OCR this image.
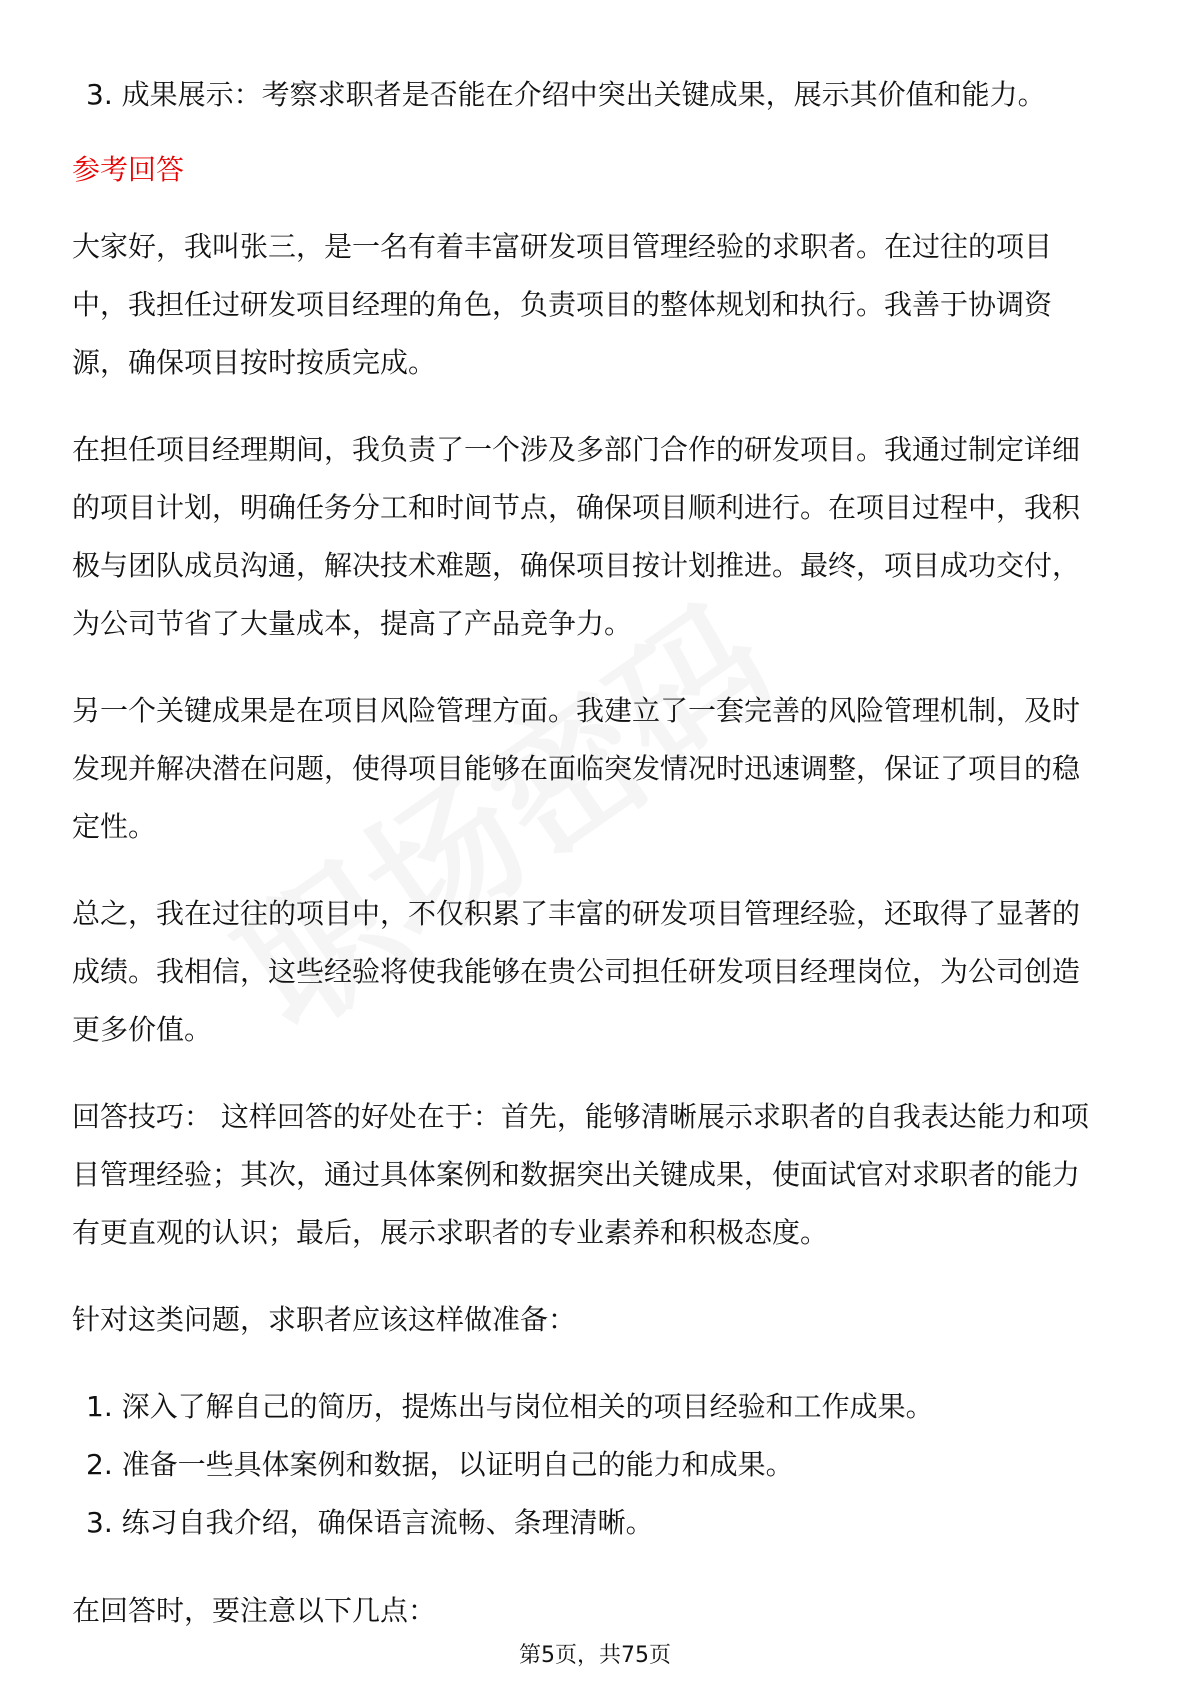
3. 成果展示：考察求职者是否能在介绍中突出关键成果，展示其价值和能力。
参考回答
大家好，我叫张三，是一名有着丰富研发项目管理经验的求职者。在过往的项目
中，我担任过研发项目经理的角色，负责项目的整体规划和执行。我善于协调资
源，确保项目按时按质完成。
在担任项目经理期间，我负责了一个涉及多部门合作的研发项目。我通过制定详细
的项目计划，明确任务分工和时间节点，确保项目顺利进行。在项目过程中，我积
极与团队成员沟通，解决技术难题，确保项目按计划推进。最终，项目成功交付，
为公司节省了大量成本，提高了产品竞争力。
另一个关键成果是在项目风险管理方面。我建立了一套完善的风险管理机制，及时
发现并解决潜在问题，使得项目能够在面临突发情况时迅速调整，保证了项目的稳
定性。
总之，我在过往的项目中，不仅积累了丰富的研发项目管理经验，还取得了显著的
成绩。我相信，这些经验将使我能够在贵公司担任研发项目经理岗位，为公司创造
更多价值。
回答技巧： 这样回答的好处在于：首先，能够清晰展示求职者的自我表达能力和项
目管理经验；其次，通过具体案例和数据突出关键成果，使面试官对求职者的能力
有更直观的认识；最后，展示求职者的专业素养和积极态度。
针对这类问题，求职者应该这样做准备：
1. 深入了解自己的简历，提炼出与岗位相关的项目经验和工作成果。
2. 准备一些具体案例和数据，以证明自己的能力和成果。
3. 练习自我介绍，确保语言流畅、条理清晰。
在回答时，要注意以下几点：
第5页，共75页
